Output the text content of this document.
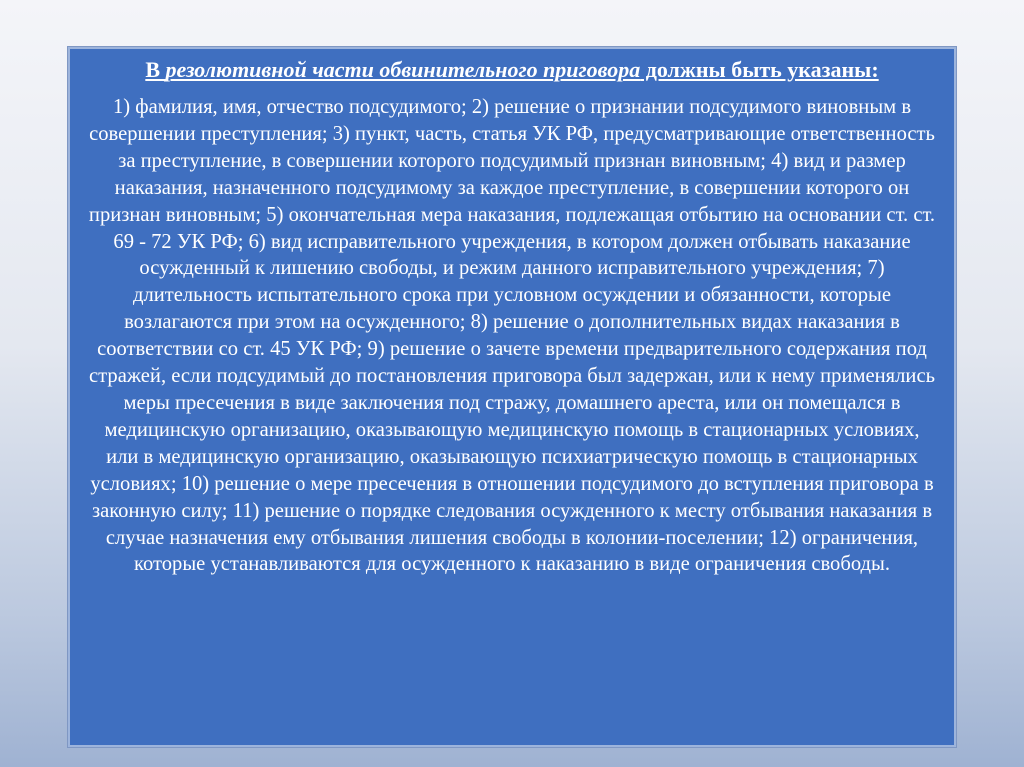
В резолютивной части обвинительного приговора должны быть указаны:

1) фамилия, имя, отчество подсудимого; 2) решение о признании подсудимого виновным в совершении преступления; 3) пункт, часть, статья УК РФ, предусматривающие ответственность за преступление, в совершении которого подсудимый признан виновным; 4) вид и размер наказания, назначенного подсудимому за каждое преступление, в совершении которого он признан виновным; 5) окончательная мера наказания, подлежащая отбытию на основании ст. ст. 69 - 72 УК РФ; 6) вид исправительного учреждения, в котором должен отбывать наказание осужденный к лишению свободы, и режим данного исправительного учреждения; 7) длительность испытательного срока при условном осуждении и обязанности, которые возлагаются при этом на осужденного; 8) решение о дополнительных видах наказания в соответствии со ст. 45 УК РФ; 9) решение о зачете времени предварительного содержания под стражей, если подсудимый до постановления приговора был задержан, или к нему применялись меры пресечения в виде заключения под стражу, домашнего ареста, или он помещался в медицинскую организацию, оказывающую медицинскую помощь в стационарных условиях, или в медицинскую организацию, оказывающую психиатрическую помощь в стационарных условиях; 10) решение о мере пресечения в отношении подсудимого до вступления приговора в законную силу; 11) решение о порядке следования осужденного к месту отбывания наказания в случае назначения ему отбывания лишения свободы в колонии-поселении; 12) ограничения, которые устанавливаются для осужденного к наказанию в виде ограничения свободы.
